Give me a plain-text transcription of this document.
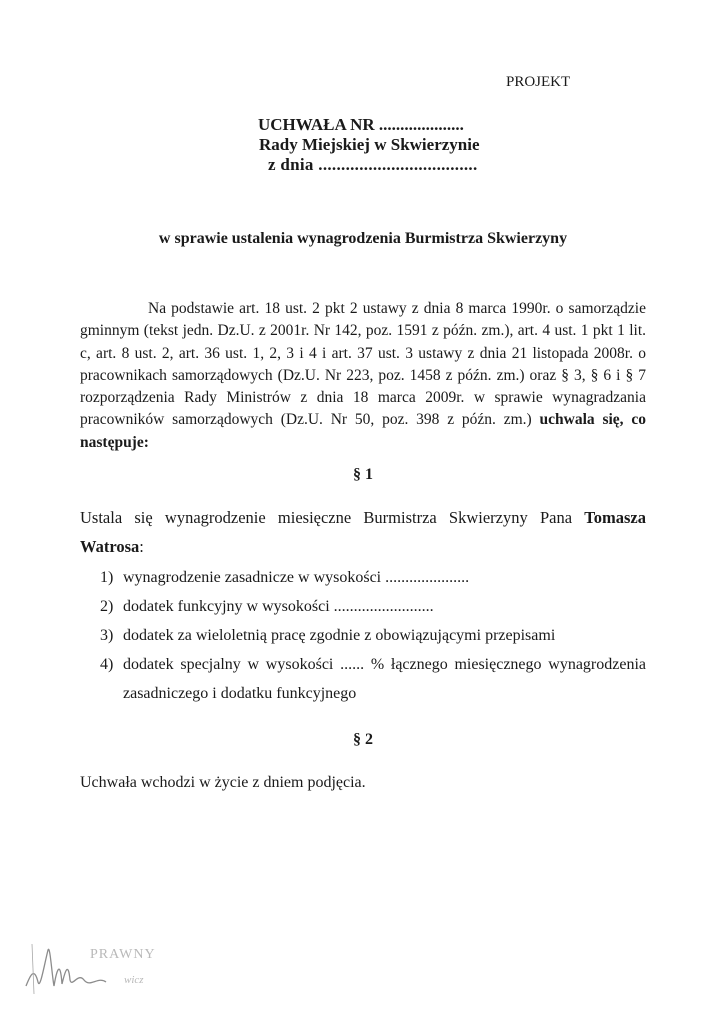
PROJEKT
UCHWAŁA NR ....................
Rady Miejskiej w Skwierzynie
z dnia ...................................
w sprawie ustalenia wynagrodzenia Burmistrza Skwierzyny
Na podstawie art. 18 ust. 2 pkt 2 ustawy z dnia 8 marca 1990r. o samorządzie gminnym (tekst jedn. Dz.U. z 2001r. Nr 142, poz. 1591 z późn. zm.), art. 4 ust. 1 pkt 1 lit. c, art. 8 ust. 2, art. 36 ust. 1, 2, 3 i 4 i art. 37 ust. 3 ustawy z dnia 21 listopada 2008r. o pracownikach samorządowych (Dz.U. Nr 223, poz. 1458 z późn. zm.) oraz § 3, § 6 i § 7 rozporządzenia Rady Ministrów z dnia 18 marca 2009r. w sprawie wynagradzania pracowników samorządowych (Dz.U. Nr 50, poz. 398 z późn. zm.) uchwala się, co następuje:
§ 1
Ustala się wynagrodzenie miesięczne Burmistrza Skwierzyny Pana Tomasza Watrosa:
1) wynagrodzenie zasadnicze w wysokości .....................
2) dodatek funkcyjny w wysokości .........................
3) dodatek za wieloletnią pracę zgodnie z obowiązującymi przepisami
4) dodatek specjalny w wysokości ...... % łącznego miesięcznego wynagrodzenia zasadniczego i dodatku funkcyjnego
§ 2
Uchwała wchodzi w życie z dniem podjęcia.
PRAWNY
wicz
